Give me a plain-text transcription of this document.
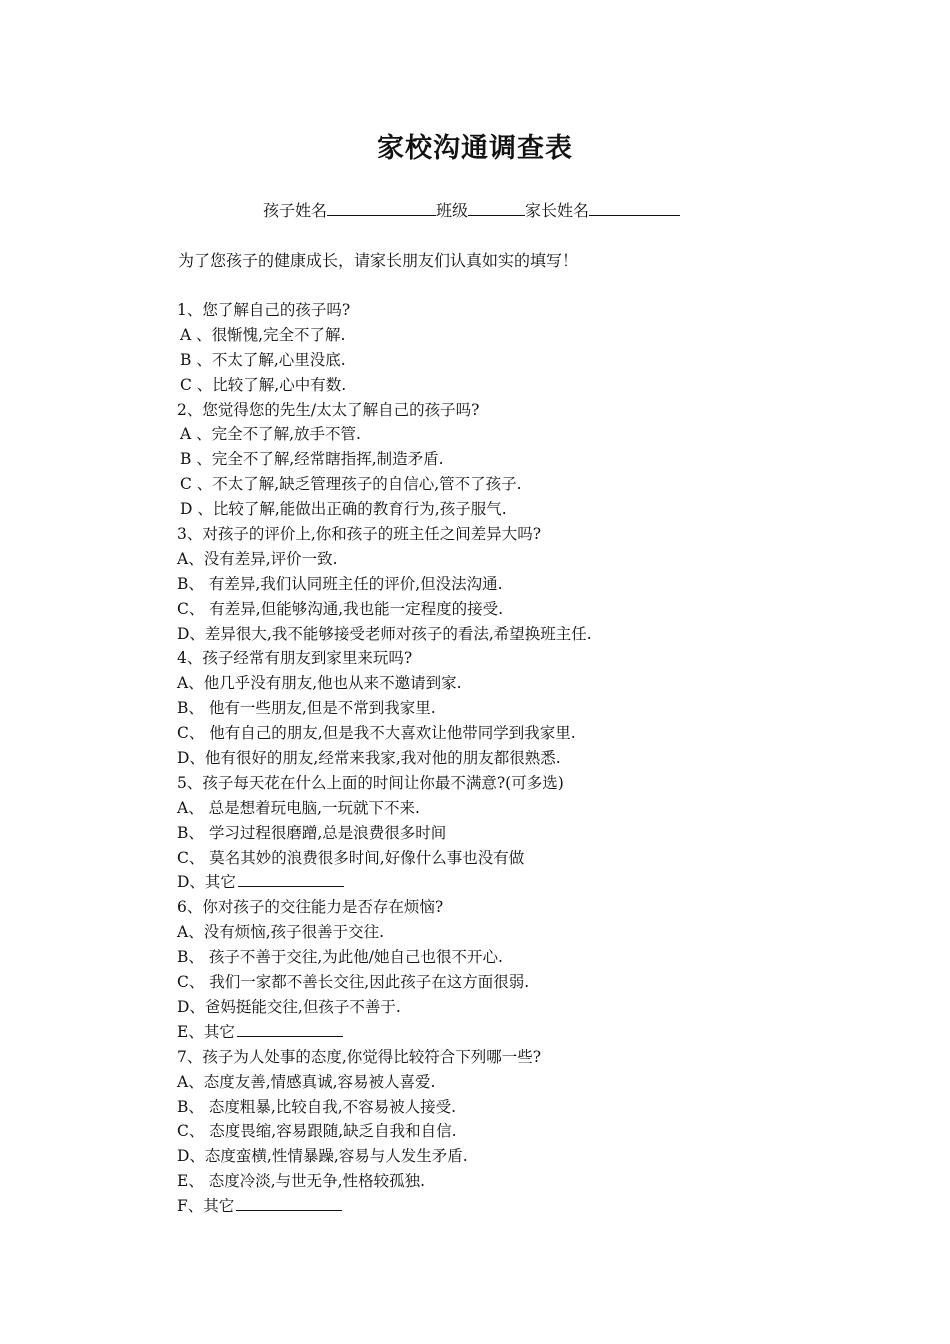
家校沟通调查表
孩子姓名	班级	家长姓名
为了您孩子的健康成长，请家长朋友们认真如实的填写！
1、您了解自己的孩子吗?
A 、很惭愧,完全不了解.
B 、不太了解,心里没底.
C 、比较了解,心中有数.
2、您觉得您的先生/太太了解自己的孩子吗?
A 、完全不了解,放手不管.
B 、完全不了解,经常瞎指挥,制造矛盾.
C 、不太了解,缺乏管理孩子的自信心,管不了孩子.
D 、比较了解,能做出正确的教育行为,孩子服气.
3、对孩子的评价上,你和孩子的班主任之间差异大吗?
A、没有差异,评价一致.
B、 有差异,我们认同班主任的评价,但没法沟通.
C、 有差异,但能够沟通,我也能一定程度的接受.
D、差异很大,我不能够接受老师对孩子的看法,希望换班主任.
4、孩子经常有朋友到家里来玩吗?
A、他几乎没有朋友,他也从来不邀请到家.
B、 他有一些朋友,但是不常到我家里.
C、 他有自己的朋友,但是我不大喜欢让他带同学到我家里.
D、他有很好的朋友,经常来我家,我对他的朋友都很熟悉.
5、孩子每天花在什么上面的时间让你最不满意?(可多选)
A、 总是想着玩电脑,一玩就下不来.
B、 学习过程很磨蹭,总是浪费很多时间
C、 莫名其妙的浪费很多时间,好像什么事也没有做
D、其它
6、你对孩子的交往能力是否存在烦恼?
A、没有烦恼,孩子很善于交往.
B、 孩子不善于交往,为此他/她自己也很不开心.
C、 我们一家都不善长交往,因此孩子在这方面很弱.
D、爸妈挺能交往,但孩子不善于.
E、其它
7、孩子为人处事的态度,你觉得比较符合下列哪一些?
A、态度友善,情感真诚,容易被人喜爱.
B、 态度粗暴,比较自我,不容易被人接受.
C、 态度畏缩,容易跟随,缺乏自我和自信.
D、态度蛮横,性情暴躁,容易与人发生矛盾.
E、 态度冷淡,与世无争,性格较孤独.
F、其它
